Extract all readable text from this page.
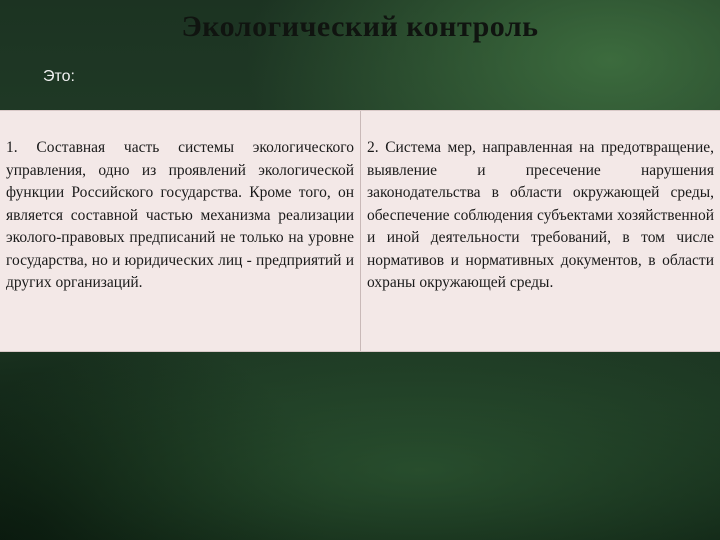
Экологический контроль
Это:
1. Составная часть системы экологического управления, одно из проявлений экологической функции Российского государства. Кроме того, он является составной частью механизма реализации эколого-правовых предписаний не только на уровне государства, но и юридических лиц - предприятий и других организаций.
2. Система мер, направленная на предотвращение, выявление и пресечение нарушения законодательства в области окружающей среды, обеспечение соблюдения субъектами хозяйственной и иной деятельности требований, в том числе нормативов и нормативных документов, в области охраны окружающей среды.
